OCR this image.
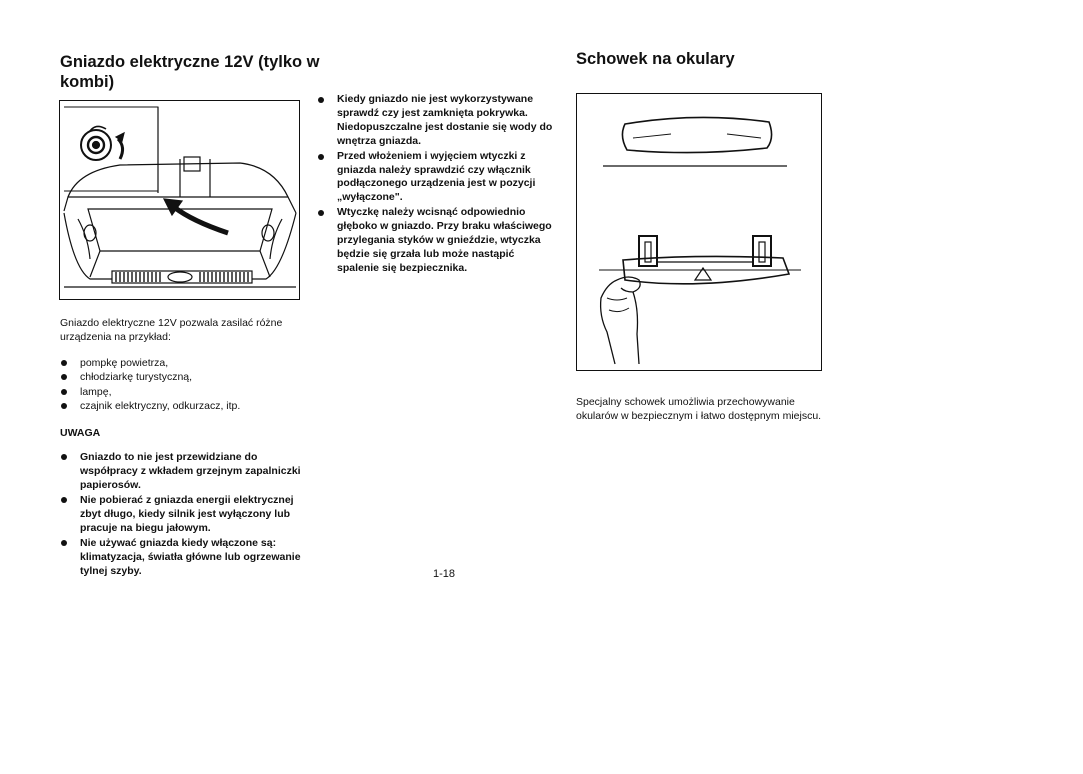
Gniazdo elektryczne 12V (tylko w kombi)
Gniazdo elektryczne 12V pozwala zasilać różne urządzenia na przykład:
pompkę powietrza,
chłodziarkę turystyczną,
lampę,
czajnik elektryczny, odkurzacz, itp.
UWAGA
Gniazdo to nie jest przewidziane do współpracy z wkładem grzejnym zapalniczki papierosów.
Nie pobierać z gniazda energii elektrycznej zbyt długo, kiedy silnik jest wyłączony lub pracuje na biegu jałowym.
Nie używać gniazda kiedy włączone są: klimatyzacja, światła główne lub ogrzewanie tylnej szyby.
Kiedy gniazdo nie jest wykorzystywane sprawdź czy jest zamknięta pokrywka. Niedopuszczalne jest dostanie się wody do wnętrza gniazda.
Przed włożeniem i wyjęciem wtyczki z gniazda należy sprawdzić czy włącznik podłączonego urządzenia jest w pozycji „wyłączone".
Wtyczkę należy wcisnąć odpowiednio głęboko w gniazdo. Przy braku właściwego przylegania styków w gnieździe, wtyczka będzie się grzała lub może nastąpić spalenie się bezpiecznika.
1-18
Schowek na okulary
Specjalny schowek umożliwia przechowywanie okularów w bezpiecznym i łatwo dostępnym miejscu.
